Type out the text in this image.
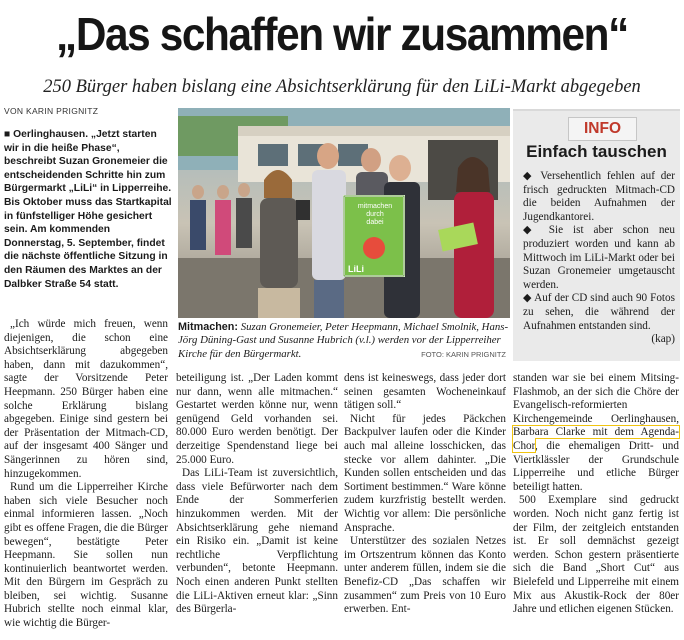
„Das schaffen wir zusammen“
250 Bürger haben bislang eine Absichtserklärung für den LiLi-Markt abgegeben
VON KARIN PRIGNITZ

■ Oerlinghausen. „Jetzt starten wir in die heiße Phase“, beschreibt Suzan Gronemeier die entscheidenden Schritte hin zum Bürgermarkt „LiLi“ in Lipperreihe. Bis Oktober muss das Startkapital in fünfstelliger Höhe gesichert sein. Am kommenden Donnerstag, 5. September, findet die nächste öffentliche Sitzung in den Räumen des Marktes an der Dalbker Straße 54 statt.

mitmachen
durch
dabei
LiLi
Mitmachen: Suzan Gronemeier, Peter Heepmann, Michael Smolnik, Hans-Jörg Düning-Gast und Susanne Hubrich (v.l.) werden vor der Lipperreiher Kirche für den Bürgermarkt.	FOTO: KARIN PRIGNITZ
INFO
Einfach tauschen

◆ Versehentlich fehlen auf der frisch gedruckten Mitmach-CD die beiden Aufnahmen der Jugendkantorei.

◆ Sie ist aber schon neu produziert worden und kann ab Mittwoch im LiLi-Markt oder bei Suzan Gronemeier umgetauscht werden.

◆ Auf der CD sind auch 90 Fotos zu sehen, die während der Aufnahmen entstanden sind.

(kap)

„Ich würde mich freuen, wenn diejenigen, die schon eine Absichtserklärung abgegeben haben, dann mit dazukommen“, sagte der Vorsitzende Peter Heepmann. 250 Bürger haben eine solche Erklärung bislang abgegeben. Einige sind gestern bei der Präsentation der Mitmach-CD, auf der insgesamt 400 Sänger und Sängerinnen zu hören sind, hinzugekommen.

Rund um die Lipperreiher Kirche haben sich viele Besucher noch einmal informieren lassen. „Noch gibt es offene Fragen, die die Bürger bewegen“, bestätigte Peter Heepmann. Sie sollen nun kontinuierlich beantwortet werden. Mit den Bürgern im Gespräch zu bleiben, sei wichtig. Susanne Hubrich stellte noch einmal klar, wie wichtig die Bürger-

beteiligung ist. „Der Laden kommt nur dann, wenn alle mitmachen.“ Gestartet werden könne nur, wenn genügend Geld vorhanden sei. 80.000 Euro werden benötigt. Der derzeitige Spendenstand liege bei 25.000 Euro.

Das LiLi-Team ist zuversichtlich, dass viele Befürworter nach dem Ende der Sommerferien hinzukommen werden. Mit der Absichtserklärung gehe niemand ein Risiko ein. „Damit ist keine rechtliche Verpflichtung verbunden“, betonte Heepmann. Noch einen anderen Punkt stellten die LiLi-Aktiven erneut klar: „Sinn des Bürgerla-

dens ist keineswegs, dass jeder dort seinen gesamten Wocheneinkauf tätigen soll.“

Nicht für jedes Päckchen Backpulver laufen oder die Kinder auch mal alleine losschicken, das stecke vor allem dahinter. „Die Kunden sollen entscheiden und das Sortiment bestimmen.“ Ware könne zudem kurzfristig bestellt werden. Wichtig vor allem: Die persönliche Ansprache.

Unterstützer des sozialen Netzes im Ortszentrum können das Konto unter anderem füllen, indem sie die Benefiz-CD „Das schaffen wir zusammen“ zum Preis von 10 Euro erwerben. Ent-

standen war sie bei einem Mitsing-Flashmob, an der sich die Chöre der Evangelisch-reformierten Kirchengemeinde Oerlinghausen, Barbara Clarke mit dem Agenda-Chor, die ehemaligen Dritt- und Viertklässler der Grundschule Lipperreihe und etliche Bürger beteiligt hatten.

500 Exemplare sind gedruckt worden. Noch nicht ganz fertig ist der Film, der zeitgleich entstanden ist. Er soll demnächst gezeigt werden. Schon gestern präsentierte sich die Band „Short Cut“ aus Bielefeld und Lipperreihe mit einem Mix aus Akustik-Rock der 80er Jahre und etlichen eigenen Stücken.
